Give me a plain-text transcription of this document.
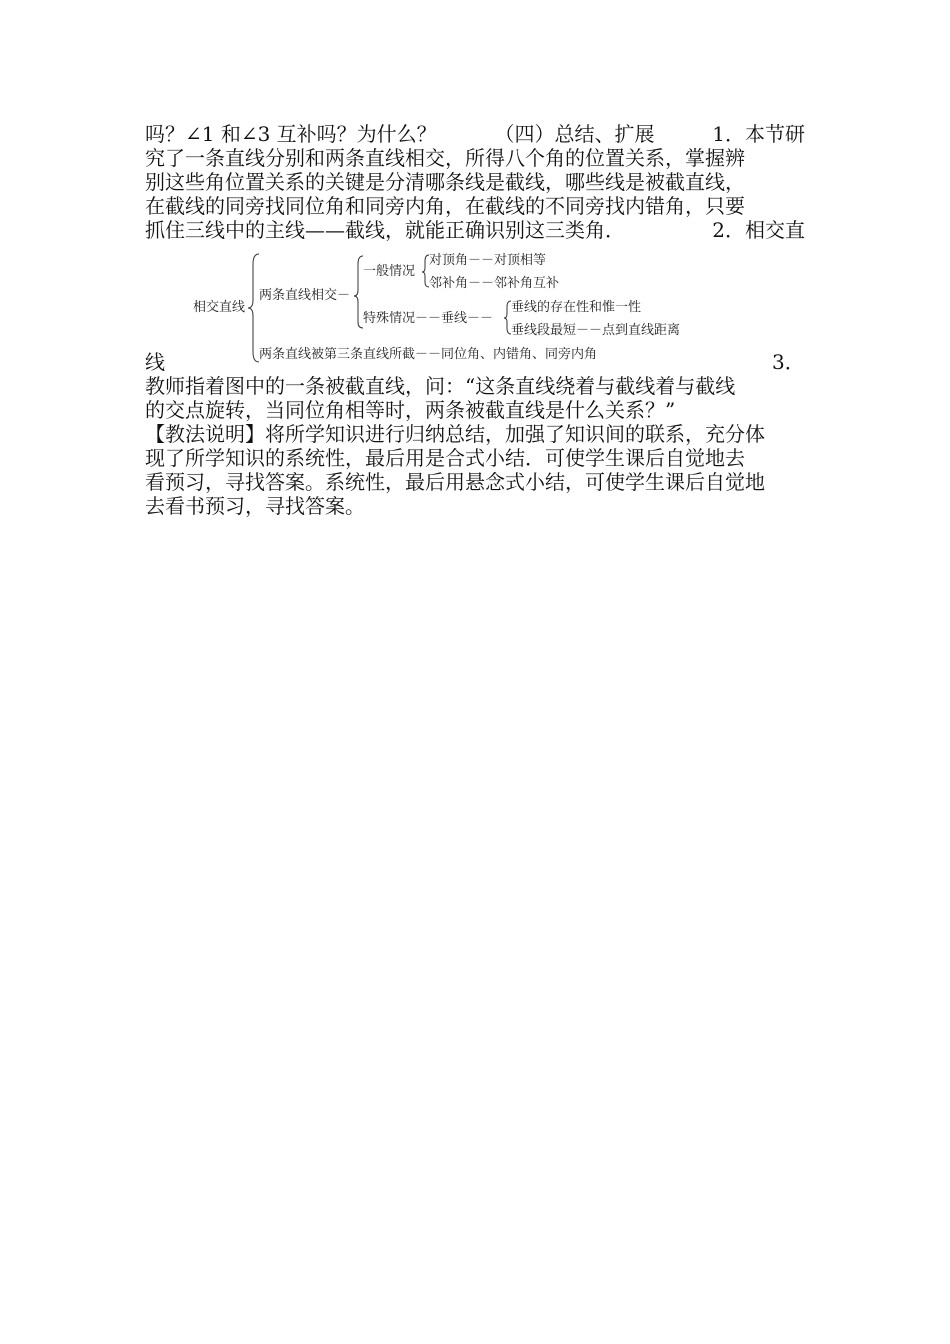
吗？∠1 和∠3 互补吗？为什么？	（四）总结、扩展	1．本节研
究了一条直线分别和两条直线相交，所得八个角的位置关系，掌握辨
别这些角位置关系的关键是分清哪条线是截线，哪些线是被截直线，
在截线的同旁找同位角和同旁内角，在截线的不同旁找内错角，只要
抓住三线中的主线——截线，就能正确识别这三类角．	2．相交直
相交直线
两条直线相交－
一般情况
对顶角－－对顶相等
邻补角－－邻补角互补
特殊情况－－垂线－－
垂线的存在性和惟一性
垂线段最短－－点到直线距离
两条直线被第三条直线所截－－同位角、内错角、同旁内角
线	3．
教师指着图中的一条被截直线，问：“这条直线绕着与截线着与截线
的交点旋转，当同位角相等时，两条被截直线是什么关系？”
【教法说明】将所学知识进行归纳总结，加强了知识间的联系，充分体
现了所学知识的系统性，最后用是合式小结．可使学生课后自觉地去
看预习，寻找答案。系统性，最后用悬念式小结，可使学生课后自觉地
去看书预习，寻找答案。
